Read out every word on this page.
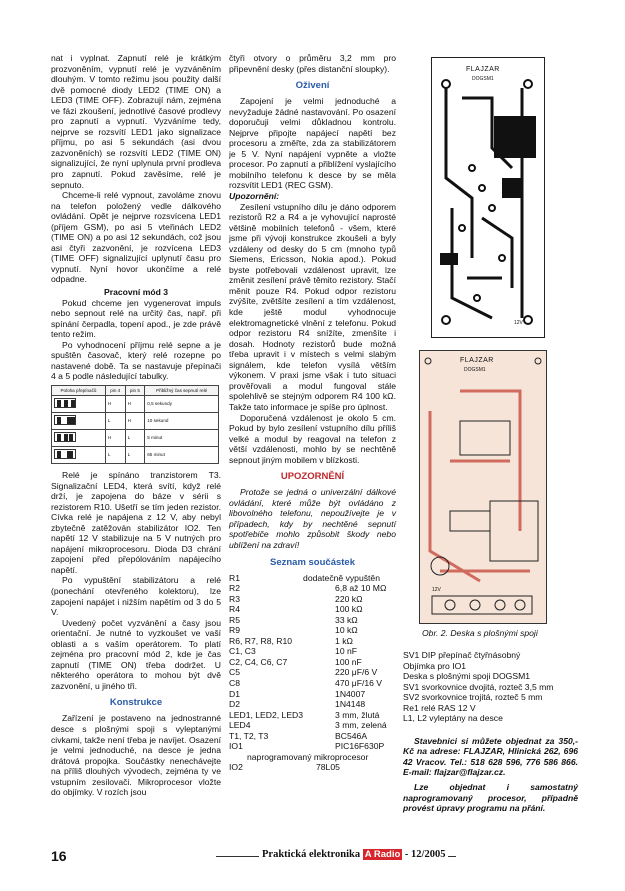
nat i vyplnat. Zapnutí relé je krátkým prozvoněním, vypnutí relé je vyzváněním dlouhým. V tomto režimu jsou použity další dvě pomocné diody LED2 (TIME ON) a LED3 (TIME OFF). Zobrazují nám, zejména ve fázi zkoušení, jednotlivé časové prodlevy pro zapnutí a vypnutí. Vyzváníme tedy, nejprve se rozsvítí LED1 jako signalizace příjmu, po asi 5 sekundách (asi dvou zazvoněních) se rozsvítí LED2 (TIME ON) signalizující, že nyní uplynula první prodleva pro zapnutí. Pokud zavěsíme, relé je sepnuto.

Chceme-li relé vypnout, zavoláme znovu na telefon položený vedle dálkového ovládání. Opět je nejprve rozsvícena LED1 (příjem GSM), po asi 5 vteřinách LED2 (TIME ON) a po asi 12 sekundách, což jsou asi čtyři zazvonění, je rozvícena LED3 (TIME OFF) signalizující uplynutí času pro vypnutí. Nyní hovor ukončíme a relé odpadne.

Pracovní mód 3

Pokud chceme jen vygenerovat impuls nebo sepnout relé na určitý čas, např. při spínání čerpadla, topení apod., je zde právě tento režim.

Po vyhodnocení příjmu relé sepne a je spuštěn časovač, který relé rozepne po nastavené době. Ta se nastavuje přepínači 4 a 5 podle následující tabulky.

Poloha přepínačů	pin 4	pin 5	Přibližný čas sepnutí relé

	H	H	0,5 sekundy

	L	H	10 sekund

	H	L	5 minut

	L	L	65 minut

Relé je spínáno tranzistorem T3. Signalizační LED4, která svítí, když relé drží, je zapojena do báze v sérii s rezistorem R10. Ušetří se tím jeden rezistor. Cívka relé je napájena z 12 V, aby nebyl zbytečně zatěžován stabilizátor IO2. Ten napětí 12 V stabilizuje na 5 V nutných pro napájení mikroprocesoru. Dioda D3 chrání zapojení před přepólováním napájecího napětí.

Po vypuštění stabilizátoru a relé (ponechání otevřeného kolektoru), lze zapojení napájet i nižším napětím od 3 do 5 V.

Uvedený počet vyzvánění a časy jsou orientační. Je nutné to vyzkoušet ve vaší oblasti a s vaším operátorem. To platí zejména pro pracovní mód 2, kde je čas zapnutí (TIME ON) třeba dodržet. U některého operátora to mohou být dvě zazvonění, u jiného tři.

Konstrukce

Zařízení je postaveno na jednostranné desce s plošnými spoji s vyleptanými civkami, takže není třeba je navíjet. Osazení je velmi jednoduché, na desce je jedna drátová propojka. Součástky nenechávejte na příliš dlouhých vývodech, zejména ty ve vstupním zesilovači. Mikroprocesor vložte do objímky. V rozích jsou

čtyři otvory o průměru 3,2 mm pro připevnění desky (přes distanční sloupky).

Oživení

Zapojení je velmi jednoduché a nevyžaduje žádné nastavování. Po osazení doporučuji velmi důkladnou kontrolu. Nejprve připojte napájecí napětí bez procesoru a změřte, zda za stabilizátorem je 5 V. Nyní napájení vypněte a vložte procesor. Po zapnutí a přiblížení vyslajícího mobilního telefonu k desce by se měla rozsvítit LED1 (REC GSM).

Upozornění:

Zesílení vstupního dílu je dáno odporem rezistorů R2 a R4 a je vyhovující naprosté většině mobilních telefonů - všem, které jsme při vývoji konstrukce zkoušeli a byly vzdáleny od desky do 5 cm (mnoho typů Siemens, Ericsson, Nokia apod.). Pokud byste potřebovali vzdálenost upravit, lze změnit zesílení právě těmito rezistory. Stačí měnit pouze R4. Pokud odpor rezistoru zvýšíte, zvětšíte zesílení a tím vzdálenost, kde ještě modul vyhodnocuje elektromagnetické vlnění z telefonu. Pokud odpor rezistoru R4 snížíte, zmenšíte i dosah. Hodnoty rezistorů bude možná třeba upravit i v místech s velmi slabým signálem, kde telefon vysílá větším výkonem. V praxi jsme však i tuto situaci prověřovali a modul fungoval stále spolehlivě se stejným odporem R4 100 kΩ. Takže tato informace je spíše pro úplnost.

Doporučená vzdálenost je okolo 5 cm. Pokud by bylo zesílení vstupního dílu příliš velké a modul by reagoval na telefon z větší vzdálenosti, mohlo by se nechtěně sepnout jiným mobilem v blízkosti.

UPOZORNĚNÍ

Protože se jedná o univerzální dálkové ovládání, které může být ovládáno z libovolného telefonu, nepoužívejte je v případech, kdy by nechtěné sepnutí spotřebiče mohlo způsobit škody nebo ublížení na zdraví!

Seznam součástek
R1	dodatečně vypuštěn
R2	6,8 až 10 MΩ
R3	220 kΩ
R4	100 kΩ
R5	33 kΩ
R9	10 kΩ
R6, R7, R8, R10	1 kΩ
C1, C3	10 nF
C2, C4, C6, C7	100 nF
C5	220 μF/6 V
C8	470 μF/16 V
D1	1N4007
D2	1N4148
LED1, LED2, LED3	3 mm, žlutá
LED4	3 mm, zelená
T1, T2, T3	BC546A
IO1	PIC16F630P

naprogramovaný mikroprocesor

IO2	78L05
FLAJZAR
DOGSM1
12V
FLAJZAR
DOGSM1
12V

Obr. 2. Deska s plošnými spoji

SV1 DIP přepínač čtyřnásobný

Objímka pro IO1

Deska s plošnými spoji DOGSM1

SV1 svorkovnice dvojitá, rozteč 3,5 mm

SV2 svorkovnice trojitá, rozteč 5 mm

Re1 relé RAS 12 V

L1, L2 vyleptány na desce

Stavebnici si můžete objednat za 350,- Kč na adrese: FLAJZAR, Hlinická 262, 696 42 Vracov. Tel.: 518 628 596, 776 586 866. E-mail: flajzar@flajzar.cz.

Lze objednat i samostatný naprogramovaný procesor, případně provést úpravy programu na přání.

16	Praktická elektronika A Radio - 12/2005
